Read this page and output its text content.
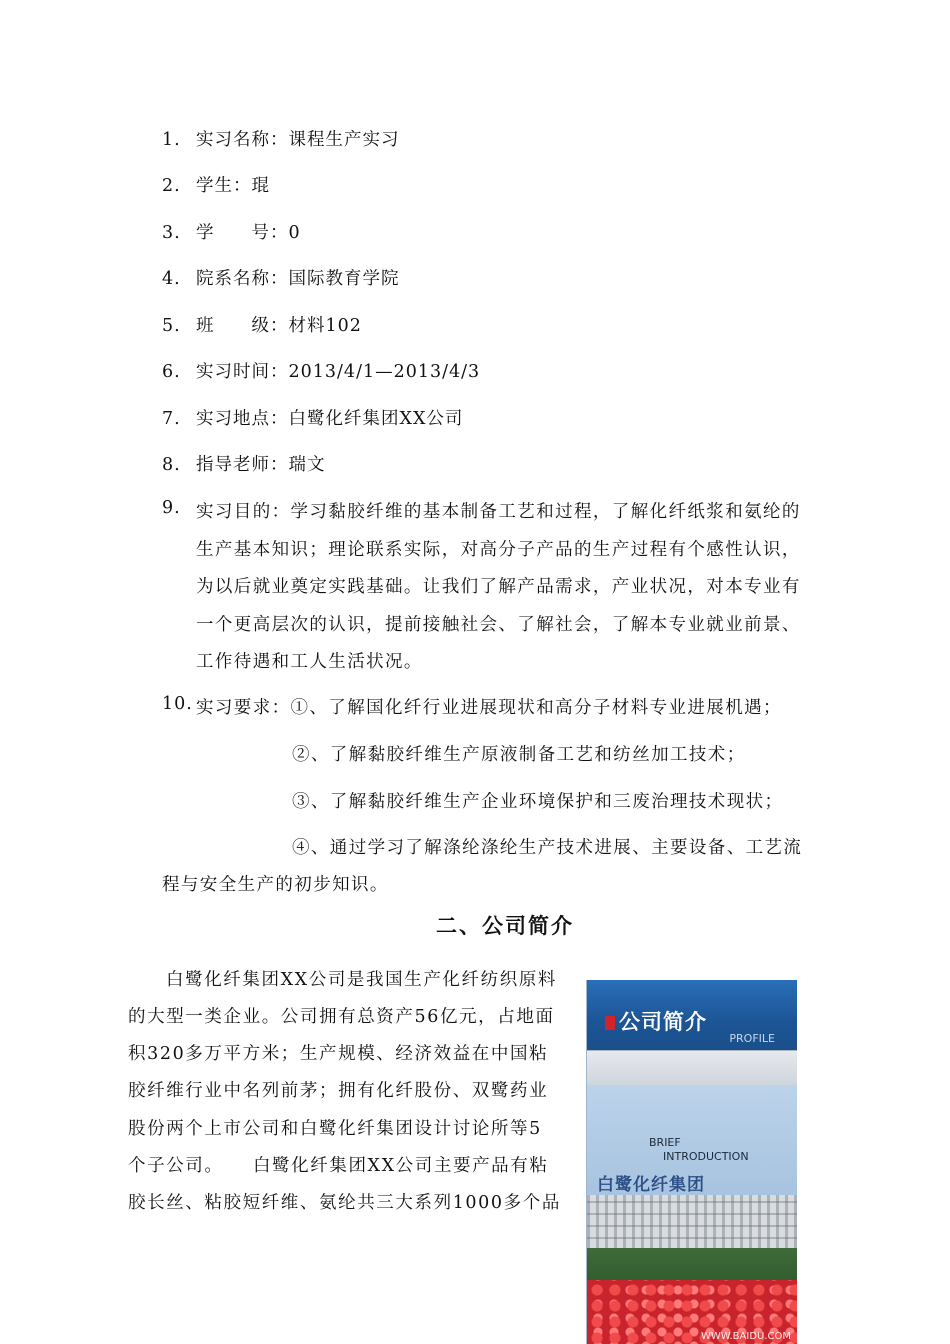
1. 实习名称：课程生产实习
2. 学生：琨
3. 学　　号：0
4. 院系名称：国际教育学院
5. 班　　级：材料102
6. 实习时间：2013/4/1—2013/4/3
7. 实习地点：白鹭化纤集团XX公司
8. 指导老师：瑞文
9. 实习目的：学习黏胶纤维的基本制备工艺和过程，了解化纤纸浆和氨纶的
生产基本知识；理论联系实际，对高分子产品的生产过程有个感性认识，
为以后就业奠定实践基础。让我们了解产品需求，产业状况，对本专业有
一个更高层次的认识，提前接触社会、了解社会，了解本专业就业前景、
工作待遇和工人生活状况。
10. 实习要求：①、了解国化纤行业进展现状和高分子材料专业进展机遇；
②、了解黏胶纤维生产原液制备工艺和纺丝加工技术；
③、了解黏胶纤维生产企业环境保护和三废治理技术现状；
④、通过学习了解涤纶涤纶生产技术进展、主要设备、工艺流
程与安全生产的初步知识。
二、公司简介
白鹭化纤集团XX公司是我国生产化纤纺织原料
的大型一类企业。公司拥有总资产56亿元，占地面
积320多万平方米；生产规模、经济效益在中国粘
胶纤维行业中名列前茅；拥有化纤股份、双鹭药业
股份两个上市公司和白鹭化纤集团设计讨论所等5
个子公司。　　白鹭化纤集团XX公司主要产品有粘
胶长丝、粘胶短纤维、氨纶共三大系列1000多个品
公司简介
PROFILE
BRIEF
INTRODUCTION
白鹭化纤集团
WWW.BAIDU.COM
